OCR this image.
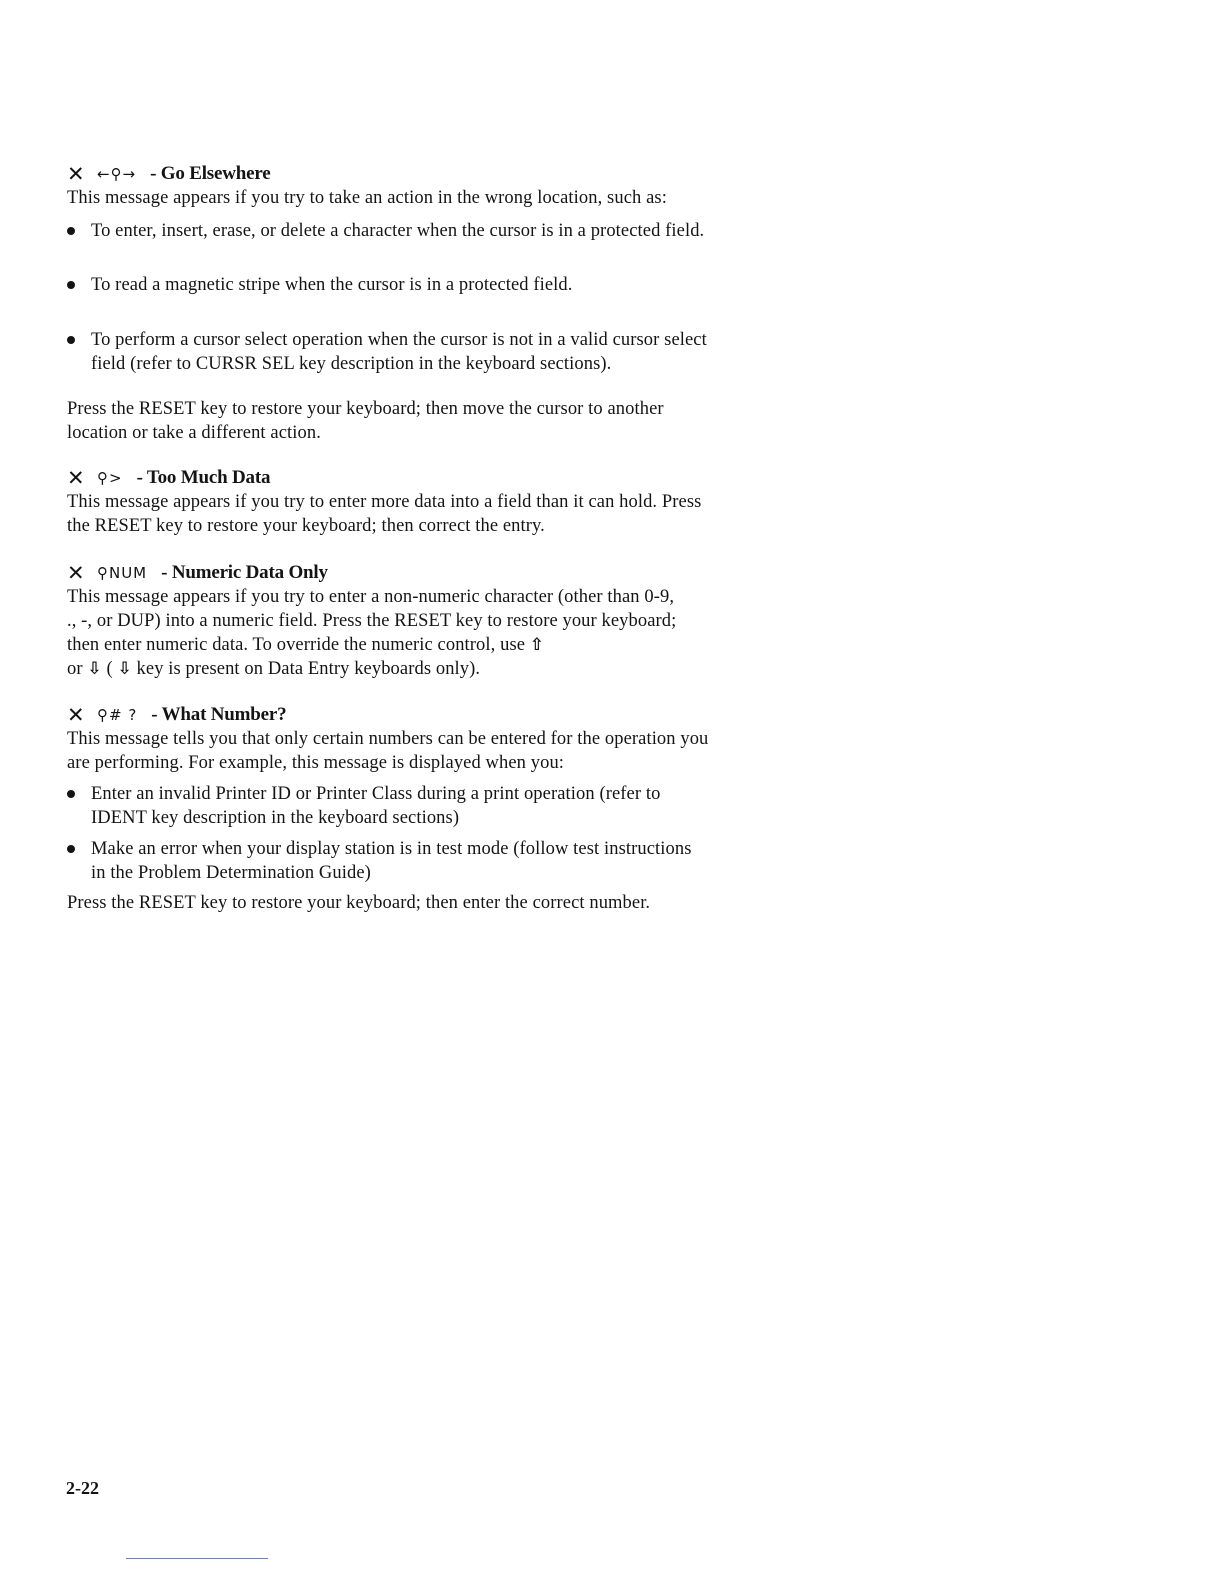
✕ ←⚲→ - Go Elsewhere

This message appears if you try to take an action in the wrong location, such as:

To enter, insert, erase, or delete a character when the cursor is in a protected field.
To read a magnetic stripe when the cursor is in a protected field.
To perform a cursor select operation when the cursor is not in a valid cursor select field (refer to CURSR SEL key description in the keyboard sections).

Press the RESET key to restore your keyboard; then move the cursor to another location or take a different action.

✕ ⚲> - Too Much Data

This message appears if you try to enter more data into a field than it can hold. Press the RESET key to restore your keyboard; then correct the entry.

✕ ⚲NUM - Numeric Data Only

This message appears if you try to enter a non-numeric character (other than 0-9, ., -, or DUP) into a numeric field. Press the RESET key to restore your keyboard; then enter numeric data. To override the numeric control, use ⇧
or ⇩ ( ⇩ key is present on Data Entry keyboards only).

✕ ⚲# ? - What Number?

This message tells you that only certain numbers can be entered for the operation you are performing. For example, this message is displayed when you:

Enter an invalid Printer ID or Printer Class during a print operation (refer to IDENT key description in the keyboard sections)
Make an error when your display station is in test mode (follow test instructions in the Problem Determination Guide)

Press the RESET key to restore your keyboard; then enter the correct number.

2-22
